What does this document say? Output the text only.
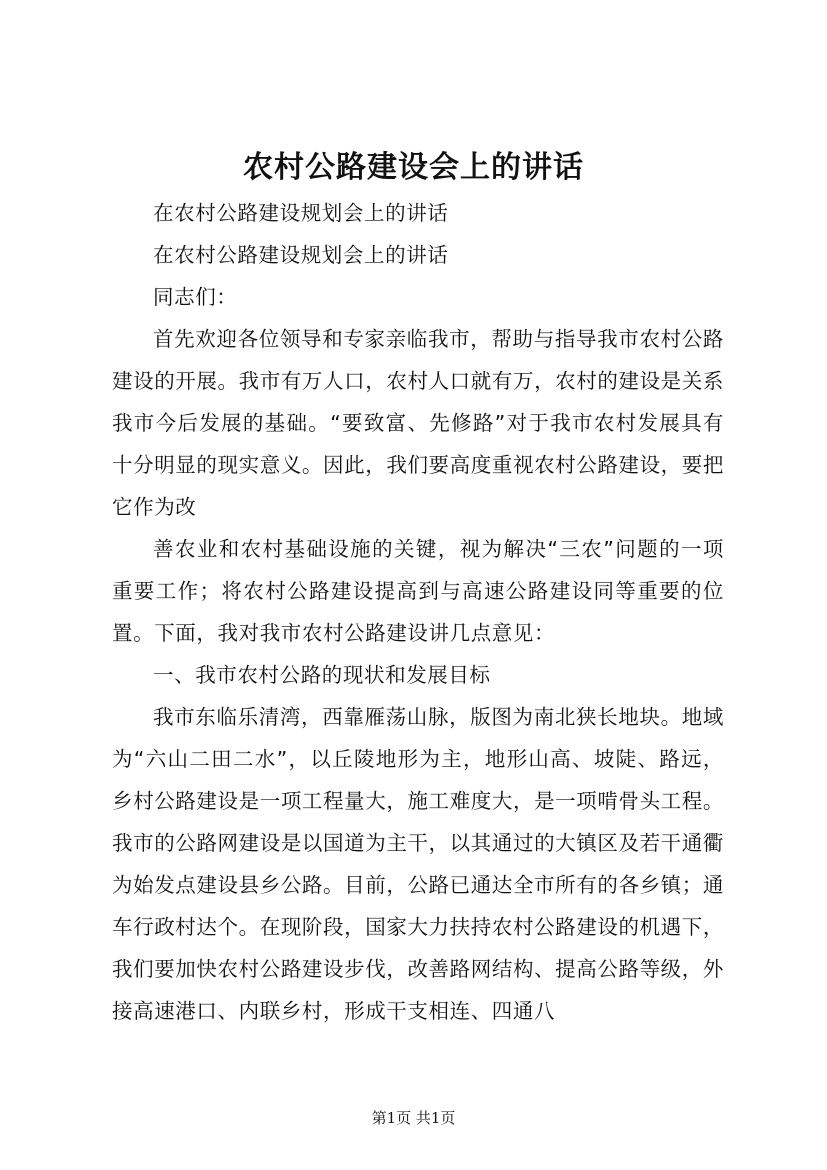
农村公路建设会上的讲话

在农村公路建设规划会上的讲话

在农村公路建设规划会上的讲话

同志们：

首先欢迎各位领导和专家亲临我市，帮助与指导我市农村公路建设的开展。我市有万人口，农村人口就有万，农村的建设是关系我市今后发展的基础。“要致富、先修路”对于我市农村发展具有十分明显的现实意义。因此，我们要高度重视农村公路建设，要把它作为改

善农业和农村基础设施的关键，视为解决“三农”问题的一项重要工作；将农村公路建设提高到与高速公路建设同等重要的位置。下面，我对我市农村公路建设讲几点意见：

一、我市农村公路的现状和发展目标

我市东临乐清湾，西靠雁荡山脉，版图为南北狭长地块。地域为“六山二田二水”，以丘陵地形为主，地形山高、坡陡、路远，乡村公路建设是一项工程量大，施工难度大，是一项啃骨头工程。我市的公路网建设是以国道为主干，以其通过的大镇区及若干通衢为始发点建设县乡公路。目前，公路已通达全市所有的各乡镇；通车行政村达个。在现阶段，国家大力扶持农村公路建设的机遇下，我们要加快农村公路建设步伐，改善路网结构、提高公路等级，外接高速港口、内联乡村，形成干支相连、四通八

第1页 共1页
